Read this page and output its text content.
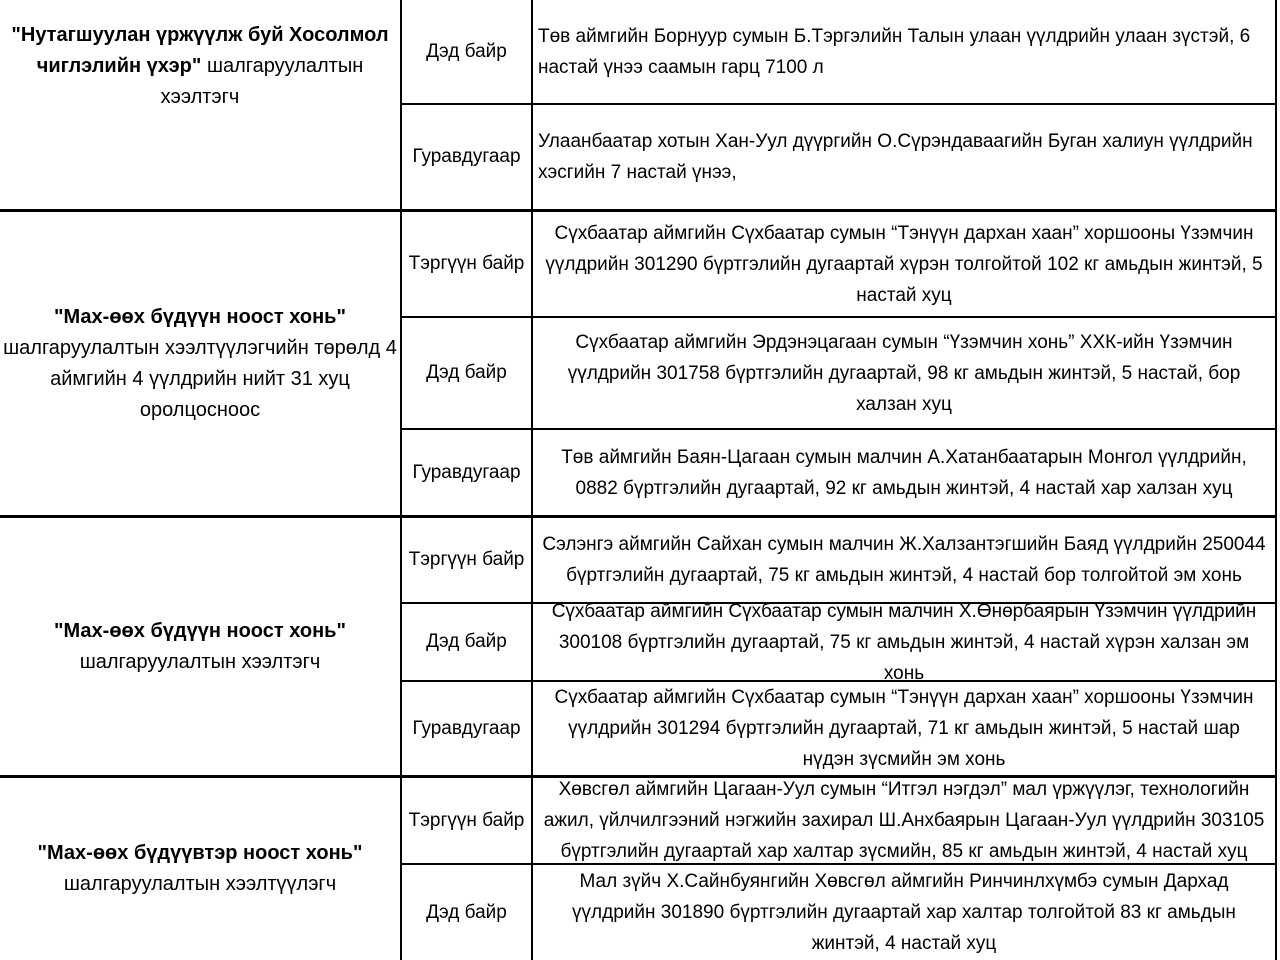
"Нутагшуулан үржүүлж буй Хосолмол чиглэлийн үхэр" шалгаруулалтын хээлтэгч
Дэд байр
Төв аймгийн Борнуур сумын Б.Тэргэлийн Талын улаан үүлдрийн улаан зүстэй, 6 настай үнээ саамын гарц 7100 л
Гуравдугаар
Улаанбаатар хотын Хан-Уул дүүргийн О.Сүрэндаваагийн Буган халиун үүлдрийн хэсгийн 7 настай үнээ,
"Мах-өөх бүдүүн ноост хонь" шалгаруулалтын хээлтүүлэгчийн төрөлд 4 аймгийн 4 үүлдрийн нийт 31 хуц оролцосноос
Тэргүүн байр
Сүхбаатар аймгийн Сүхбаатар сумын “Тэнүүн дархан хаан” хоршооны Үзэмчин үүлдрийн 301290 бүртгэлийн дугаартай хүрэн толгойтой 102 кг амьдын жинтэй, 5 настай хуц
Дэд байр
Сүхбаатар аймгийн Эрдэнэцагаан сумын “Үзэмчин хонь” ХХК-ийн Үзэмчин үүлдрийн 301758 бүртгэлийн дугаартай, 98 кг амьдын жинтэй, 5 настай, бор халзан хуц
Гуравдугаар
Төв аймгийн Баян-Цагаан сумын малчин А.Хатанбаатарын Монгол үүлдрийн, 0882 бүртгэлийн дугаартай, 92 кг амьдын жинтэй, 4 настай хар халзан хуц
"Мах-өөх бүдүүн ноост хонь" шалгаруулалтын хээлтэгч
Тэргүүн байр
Сэлэнгэ аймгийн Сайхан сумын малчин Ж.Халзантэгшийн Баяд үүлдрийн 250044 бүртгэлийн дугаартай, 75 кг амьдын жинтэй, 4 настай бор толгойтой эм хонь
Дэд байр
Сүхбаатар аймгийн Сүхбаатар сумын малчин Х.Өнөрбаярын Үзэмчин үүлдрийн 300108 бүртгэлийн дугаартай, 75 кг амьдын жинтэй, 4 настай хүрэн халзан эм хонь
Гуравдугаар
Сүхбаатар аймгийн Сүхбаатар сумын “Тэнүүн дархан хаан” хоршооны Үзэмчин үүлдрийн 301294 бүртгэлийн дугаартай, 71 кг амьдын жинтэй, 5 настай шар нүдэн зүсмийн эм хонь
"Мах-өөх бүдүүвтэр ноост хонь" шалгаруулалтын хээлтүүлэгч
Тэргүүн байр
Хөвсгөл аймгийн Цагаан-Уул сумын “Итгэл нэгдэл” мал үржүүлэг, технологийн ажил, үйлчилгээний нэгжийн захирал Ш.Анхбаярын Цагаан-Уул үүлдрийн 303105 бүртгэлийн дугаартай хар халтар зүсмийн, 85 кг амьдын жинтэй, 4 настай хуц
Дэд байр
Мал зүйч Х.Сайнбуянгийн Хөвсгөл аймгийн Ринчинлхүмбэ сумын Дархад үүлдрийн 301890 бүртгэлийн дугаартай хар халтар толгойтой 83 кг амьдын жинтэй, 4 настай хуц
